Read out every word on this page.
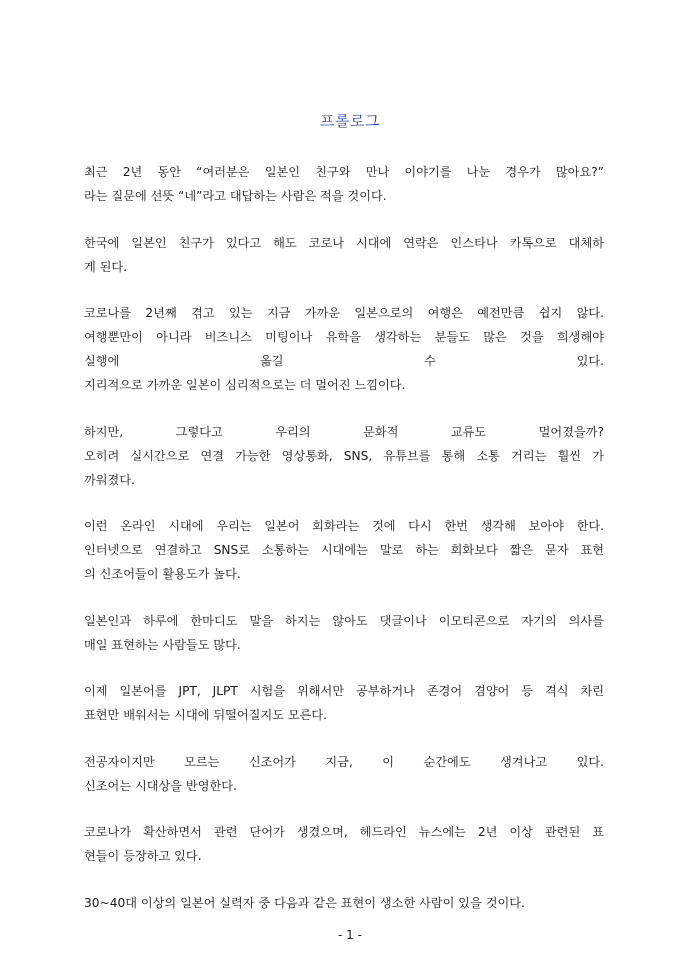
프롤로그
최근 2년 동안 “여러분은 일본인 친구와 만나 이야기를 나눈 경우가 많아요?”
라는 질문에 선뜻 “네”라고 대답하는 사람은 적을 것이다.
한국에 일본인 친구가 있다고 해도 코로나 시대에 연락은 인스타나 카톡으로 대체하
게 된다.
코로나를 2년째 겪고 있는 지금 가까운 일본으로의 여행은 예전만큼 쉽지 않다.
여행뿐만이 아니라 비즈니스 미팅이나 유학을 생각하는 분들도 많은 것을 희생해야
실행에 옮길 수 있다.
지리적으로 가까운 일본이 심리적으로는 더 멀어진 느낌이다.
하지만, 그렇다고 우리의 문화적 교류도 멀어졌을까?
오히려 실시간으로 연결 가능한 영상통화, SNS, 유튜브를 통해 소통 거리는 훨씬 가
까워졌다.
이런 온라인 시대에 우리는 일본어 회화라는 것에 다시 한번 생각해 보아야 한다.
인터넷으로 연결하고 SNS로 소통하는 시대에는 말로 하는 회화보다 짧은 문자 표현
의 신조어들이 활용도가 높다.
일본인과 하루에 한마디도 말을 하지는 않아도 댓글이나 이모티콘으로 자기의 의사를
매일 표현하는 사람들도 많다.
이제 일본어를 JPT, JLPT 시험을 위해서만 공부하거나 존경어 겸양어 등 격식 차린
표현만 배워서는 시대에 뒤떨어질지도 모른다.
전공자이지만 모르는 신조어가 지금, 이 순간에도 생겨나고 있다.
신조어는 시대상을 반영한다.
코로나가 확산하면서 관련 단어가 생겼으며, 헤드라인 뉴스에는 2년 이상 관련된 표
현들이 등장하고 있다.
30~40대 이상의 일본어 실력자 중 다음과 같은 표현이 생소한 사람이 있을 것이다.
- 1 -
